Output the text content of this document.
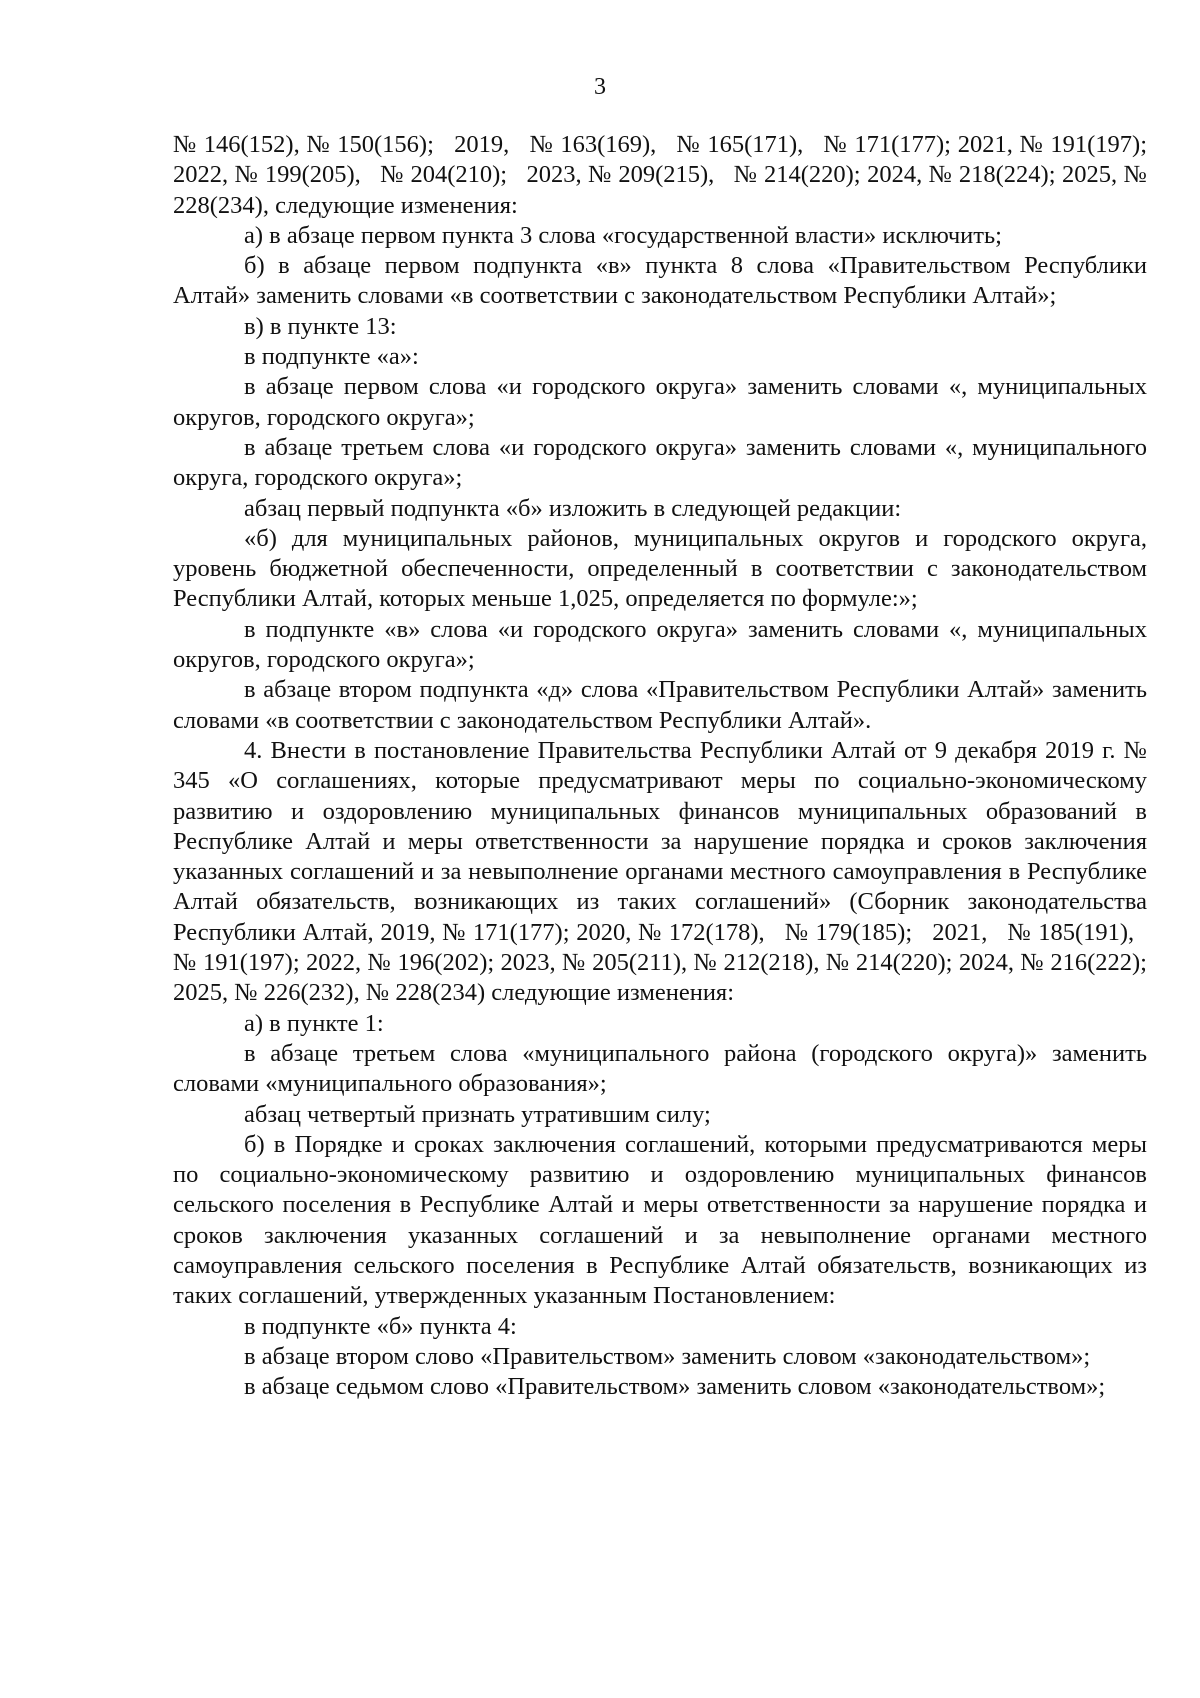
3

№ 146(152), № 150(156);   2019,   № 163(169),   № 165(171),   № 171(177); 2021, № 191(197); 2022, № 199(205),   № 204(210);   2023, № 209(215),   № 214(220); 2024, № 218(224); 2025, № 228(234), следующие изменения:

а) в абзаце первом пункта 3 слова «государственной власти» исключить;

б) в абзаце первом подпункта «в» пункта 8 слова «Правительством Республики Алтай» заменить словами «в соответствии с законодательством Республики Алтай»;

в) в пункте 13:

в подпункте «а»:

в абзаце первом слова «и городского округа» заменить словами «, муниципальных округов, городского округа»;

в абзаце третьем слова «и городского округа» заменить словами «, муниципального округа, городского округа»;

абзац первый подпункта «б» изложить в следующей редакции:

«б) для муниципальных районов, муниципальных округов и городского округа, уровень бюджетной обеспеченности, определенный в соответствии с законодательством Республики Алтай, которых меньше 1,025, определяется по формуле:»;

в подпункте «в» слова «и городского округа» заменить словами «, муниципальных округов, городского округа»;

в абзаце втором подпункта «д» слова «Правительством Республики Алтай» заменить словами «в соответствии с законодательством Республики Алтай».

4. Внести в постановление Правительства Республики Алтай от 9 декабря 2019 г. № 345 «О соглашениях, которые предусматривают меры по социально-экономическому развитию и оздоровлению муниципальных финансов муниципальных образований в Республике Алтай и меры ответственности за нарушение порядка и сроков заключения указанных соглашений и за невыполнение органами местного самоуправления в Республике Алтай обязательств, возникающих из таких соглашений» (Сборник законодательства Республики Алтай, 2019, № 171(177); 2020, № 172(178),   № 179(185);   2021,   № 185(191),   № 191(197); 2022, № 196(202); 2023, № 205(211), № 212(218), № 214(220); 2024, № 216(222); 2025, № 226(232), № 228(234) следующие изменения:

а) в пункте 1:

в абзаце третьем слова «муниципального района (городского округа)» заменить словами «муниципального образования»;

абзац четвертый признать утратившим силу;

б) в Порядке и сроках заключения соглашений, которыми предусматриваются меры по социально-экономическому развитию и оздоровлению муниципальных финансов сельского поселения в Республике Алтай и меры ответственности за нарушение порядка и сроков заключения указанных соглашений и за невыполнение органами местного самоуправления сельского поселения в Республике Алтай обязательств, возникающих из таких соглашений, утвержденных указанным Постановлением:

в подпункте «б» пункта 4:

в абзаце втором слово «Правительством» заменить словом «законодательством»;

в абзаце седьмом слово «Правительством» заменить словом «законодательством»;
